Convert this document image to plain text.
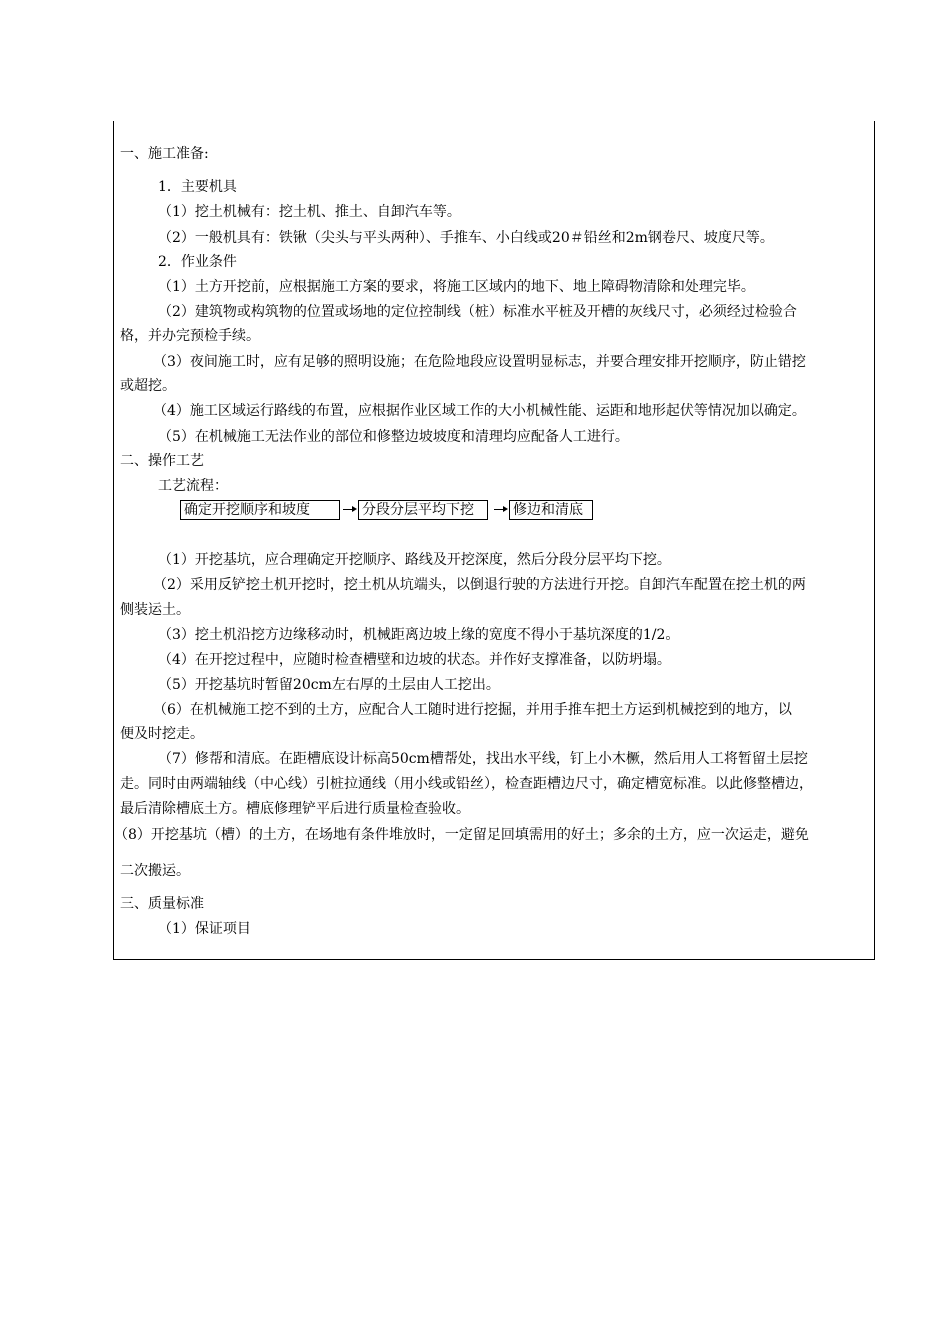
一、施工准备:
1．主要机具
（1）挖土机械有：挖土机、推土、自卸汽车等。
（2）一般机具有：铁锹（尖头与平头两种）、手推车、小白线或20＃铅丝和2m钢卷尺、坡度尺等。
2．作业条件
（1）土方开挖前，应根据施工方案的要求，将施工区域内的地下、地上障碍物清除和处理完毕。
（2）建筑物或构筑物的位置或场地的定位控制线（桩）标准水平桩及开槽的灰线尺寸，必须经过检验合
格，并办完预检手续。
（3）夜间施工时，应有足够的照明设施；在危险地段应设置明显标志，并要合理安排开挖顺序，防止错挖
或超挖。
（4）施工区域运行路线的布置，应根据作业区域工作的大小机械性能、运距和地形起伏等情况加以确定。
（5）在机械施工无法作业的部位和修整边坡坡度和清理均应配备人工进行。
二、操作工艺
工艺流程：
确定开挖顺序和坡度	分段分层平均下挖	修边和清底
（1）开挖基坑，应合理确定开挖顺序、路线及开挖深度，然后分段分层平均下挖。
（2）采用反铲挖土机开挖时，挖土机从坑端头，以倒退行驶的方法进行开挖。自卸汽车配置在挖土机的两
侧装运土。
（3）挖土机沿挖方边缘移动时，机械距离边坡上缘的宽度不得小于基坑深度的1/2。
（4）在开挖过程中，应随时检查槽壁和边坡的状态。并作好支撑准备，以防坍塌。
（5）开挖基坑时暂留20cm左右厚的土层由人工挖出。
（6）在机械施工挖不到的土方，应配合人工随时进行挖掘，并用手推车把土方运到机械挖到的地方，以
便及时挖走。
（7）修帮和清底。在距槽底设计标高50cm槽帮处，找出水平线，钉上小木橛，然后用人工将暂留土层挖
走。同时由两端轴线（中心线）引桩拉通线（用小线或铅丝），检查距槽边尺寸，确定槽宽标准。以此修整槽边，
最后清除槽底土方。槽底修理铲平后进行质量检查验收。
（8）开挖基坑（槽）的土方，在场地有条件堆放时，一定留足回填需用的好土；多余的土方，应一次运走，避免
二次搬运。
三、质量标准
（1）保证项目
